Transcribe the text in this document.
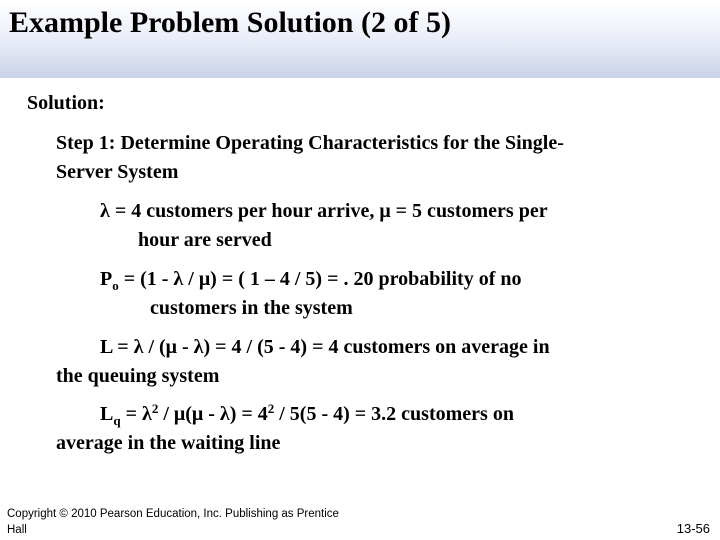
Example Problem Solution (2 of 5)
Solution:
Step 1: Determine Operating Characteristics for the Single-
Server System
λ = 4 customers per hour arrive, μ = 5 customers per
hour are served
$P_o = (1 - \lambda / \mu)$ = ( 1 – 4 / 5) = . 20 probability of no
customers in the system
L = λ / (μ - λ) = 4 / (5 - 4) = 4 customers on average in
the queuing system
$L_q = \lambda^2 / \mu(\mu - \lambda) = 4^2 / 5(5 - 4) = 3.2$ customers on
average in the waiting line
Copyright © 2010 Pearson Education, Inc. Publishing as Prentice
Hall	13-56
